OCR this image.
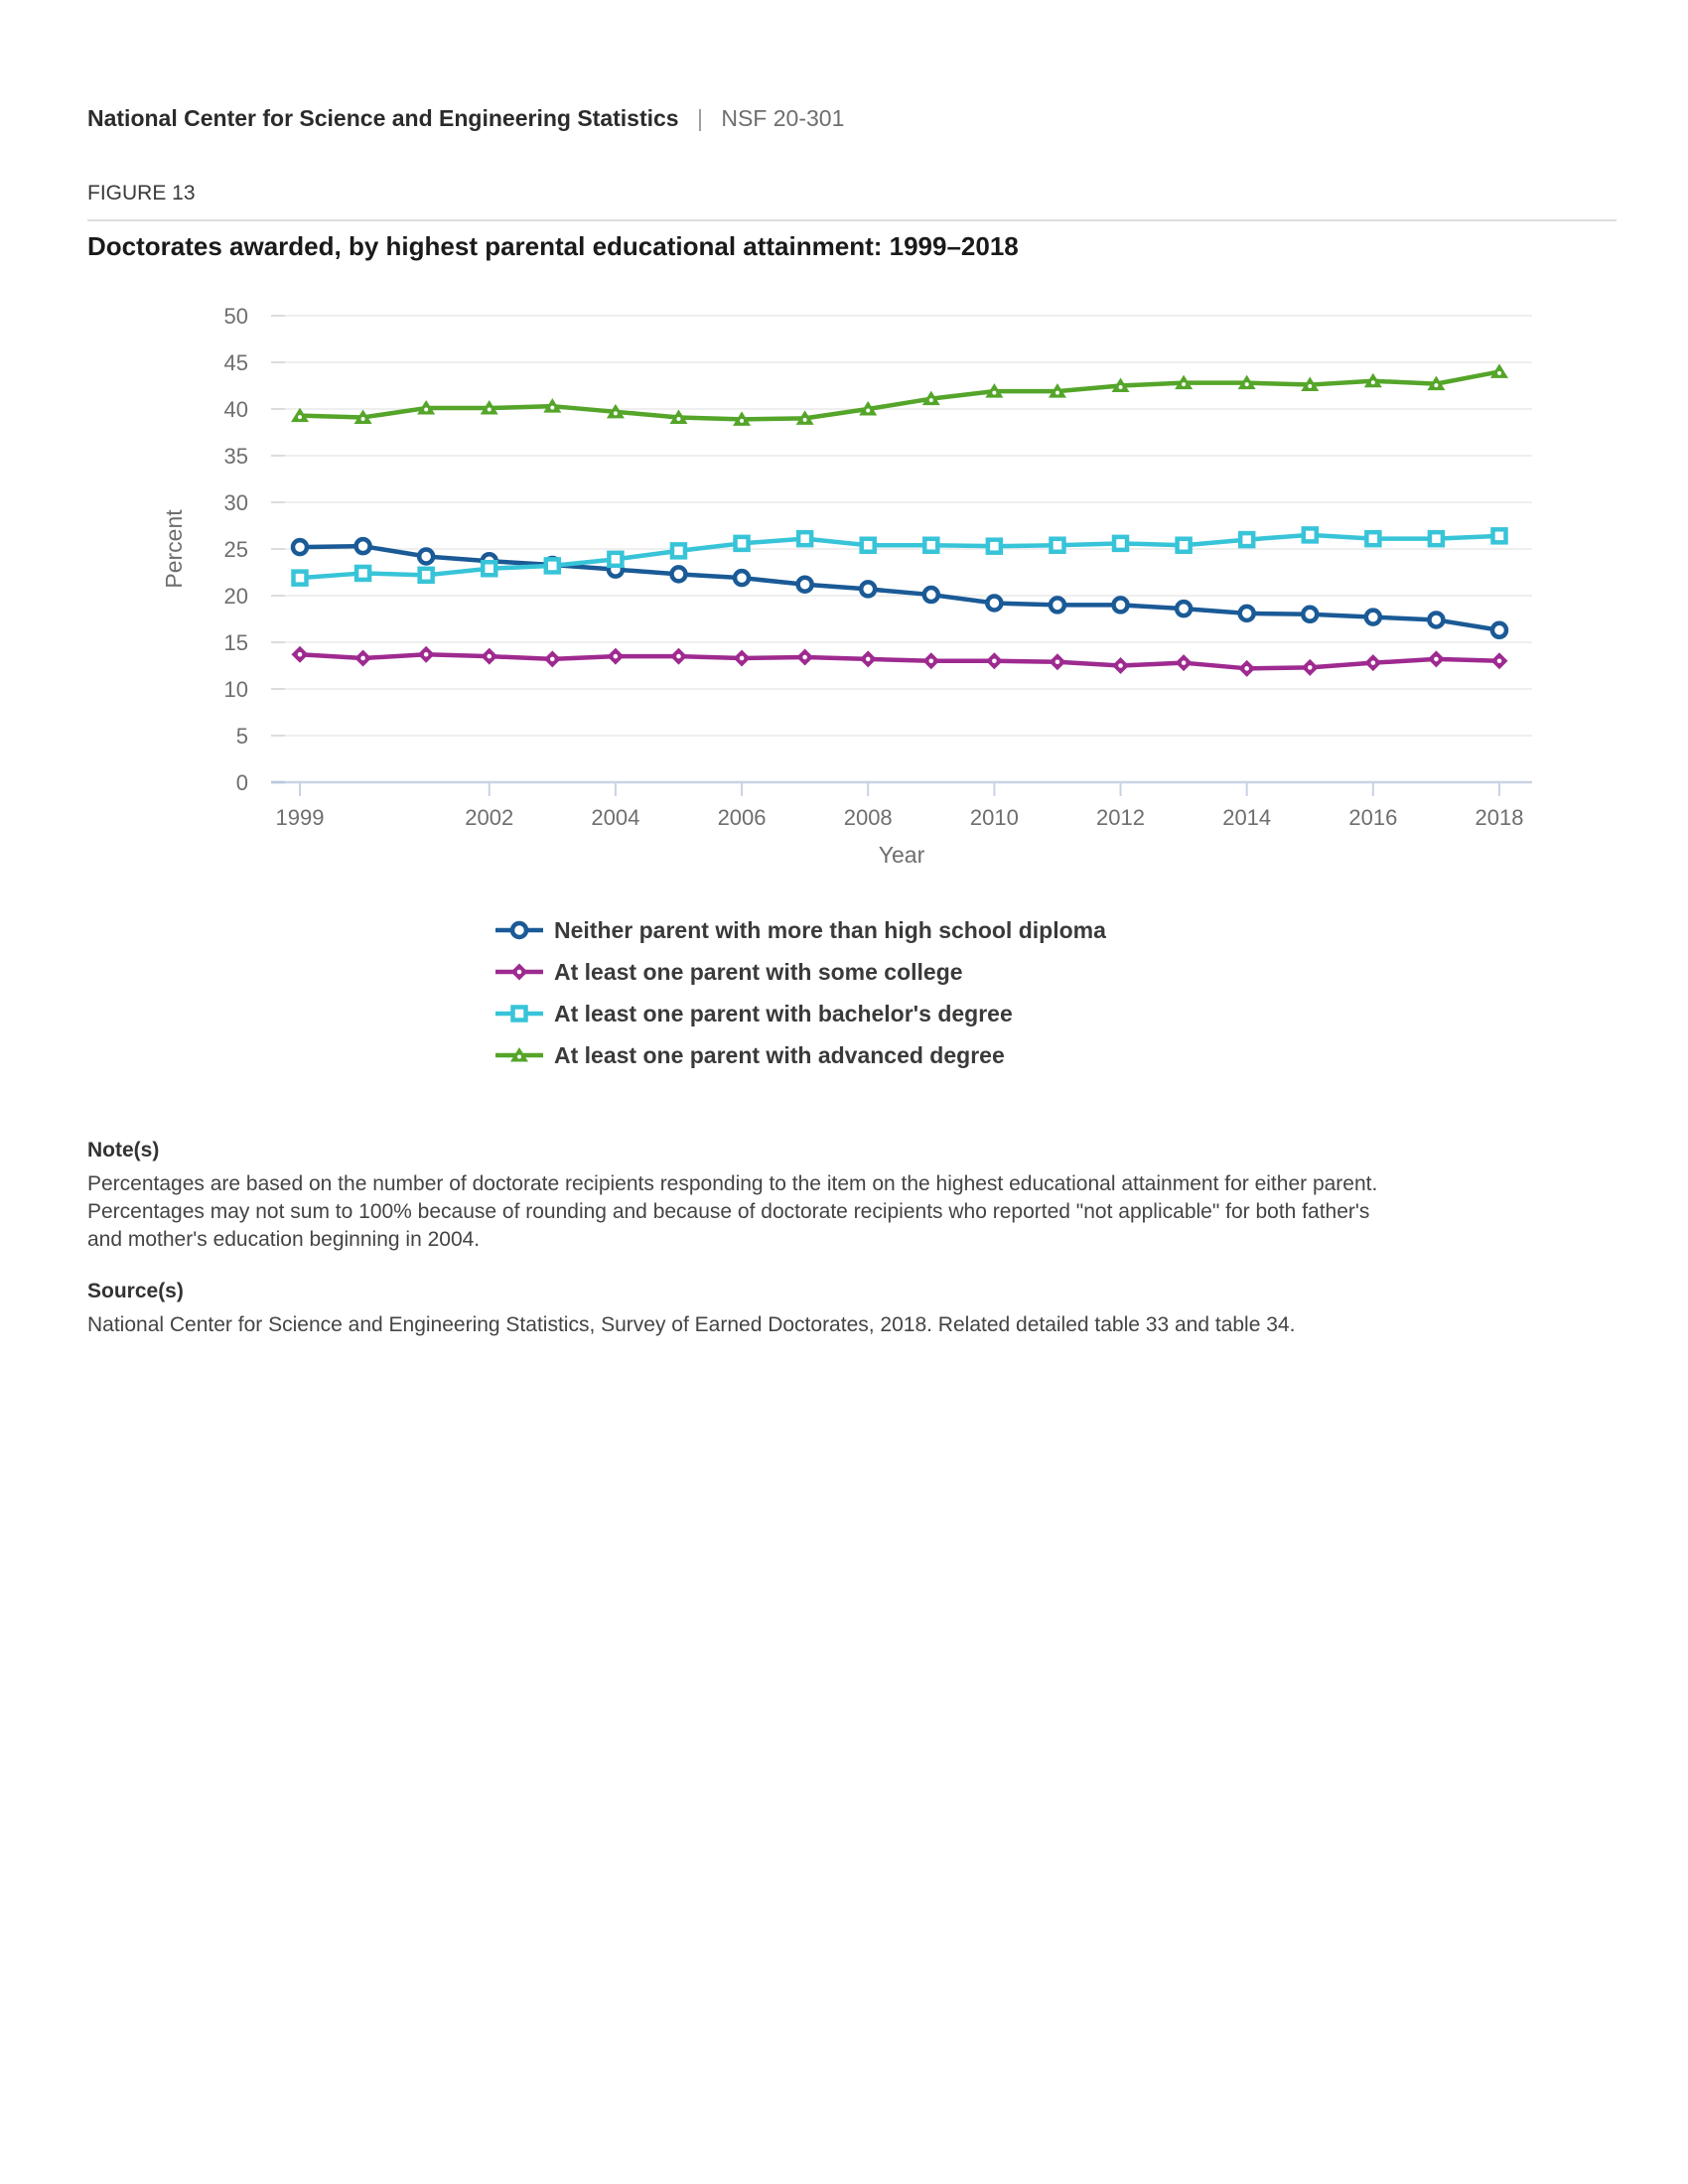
National Center for Science and Engineering Statistics | NSF 20-301
FIGURE 13
Doctorates awarded, by highest parental educational attainment: 1999–2018
0
5
10
15
20
25
30
35
40
45
50
1999	2002	2004	2006	2008	2010	2012	2014	2016	2018
Percent
Year
Neither parent with more than high school diploma
At least one parent with some college
At least one parent with bachelor's degree
At least one parent with advanced degree
Note(s)

Percentages are based on the number of doctorate recipients responding to the item on the highest educational attainment for either parent. Percentages may not sum to 100% because of rounding and because of doctorate recipients who reported "not applicable" for both father's and mother's education beginning in 2004.

Source(s)

National Center for Science and Engineering Statistics, Survey of Earned Doctorates, 2018. Related detailed table 33 and table 34.
